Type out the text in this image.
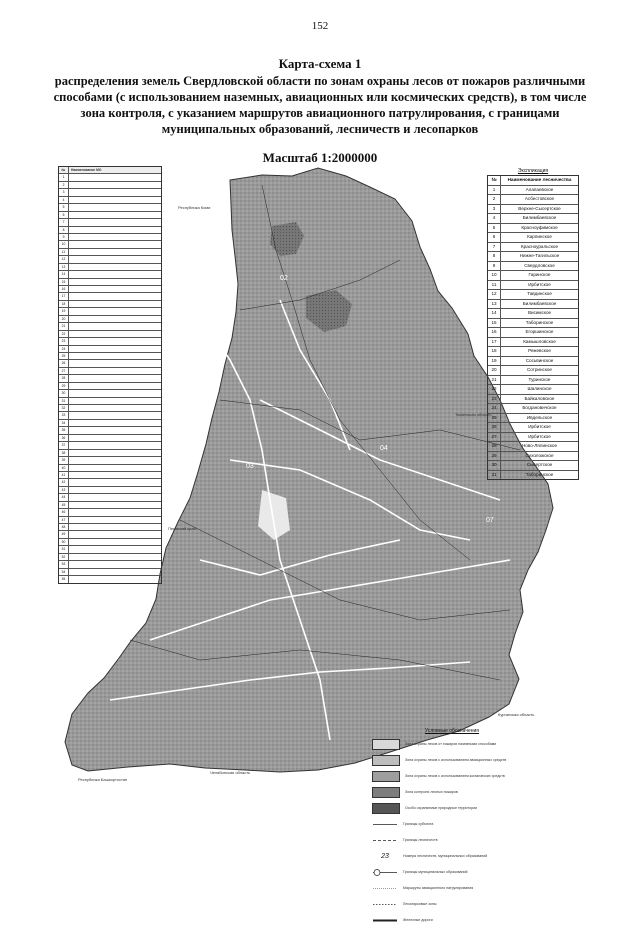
152
Карта-схема 1
распределения земель Свердловской области по зонам охраны лесов от пожаров различными способами (с использованием наземных, авиационных или космических средств), в том числе зона контроля, с указанием маршрутов авиационного патрулирования, с границами муниципальных образований, лесничеств и лесопарков
Масштаб 1:2000000
02
03
04
07
Республика Коми
Тюменская область
Пермский край
Челябинская область
Республика Башкортостан
Курганская область
№	Наименование МО
1
2
3
4
5
6
7
8
9
10
11
12
13
14
15
16
17
18
19
20
21
22
23
24
25
26
27
28
29
30
31
32
33
34
35
36
37
38
39
40
41
42
43
44
45
46
47
48
49
50
51
52
53
54
55
Экспликация
№	Наименование лесничества
1	Алапаевское
2	Асбестовское
3	Верхне-Сысертское
4	Билимбаевское
5	Красноуфимское
6	Карпинское
7	Красноуральское
8	Нижне-Тагильское
9	Свердловское
10	Гаринское
11	Ирбитское
12	Тавдинское
13	Билимбаевское
14	Висимское
15	Таборинское
16	Егоршинское
17	Камышловское
18	Режевское
19	Сосьвинское
20	Сотринское
21	Туринское
22	Шалинское
23	Байкаловское
24	Богдановичское
25	Ивдельское
26	Ирбитское
27	Ирбитское
28	Ново-Лялинское
29	Сухоложское
30	Сысертское
31	Таборинское
Условные обозначения
Зона охраны лесов от пожаров наземными способами
Зона охраны лесов с использованием авиационных средств
Зона охраны лесов с использованием космических средств
Зона контроля лесных пожаров
Особо охраняемые природные территории
Границы субъекта
Границы лесничеств
23	Номера лесничеств, муниципальных образований
Границы муниципальных образований
Маршруты авиационного патрулирования
Лесопарковые зоны
Железные дороги
